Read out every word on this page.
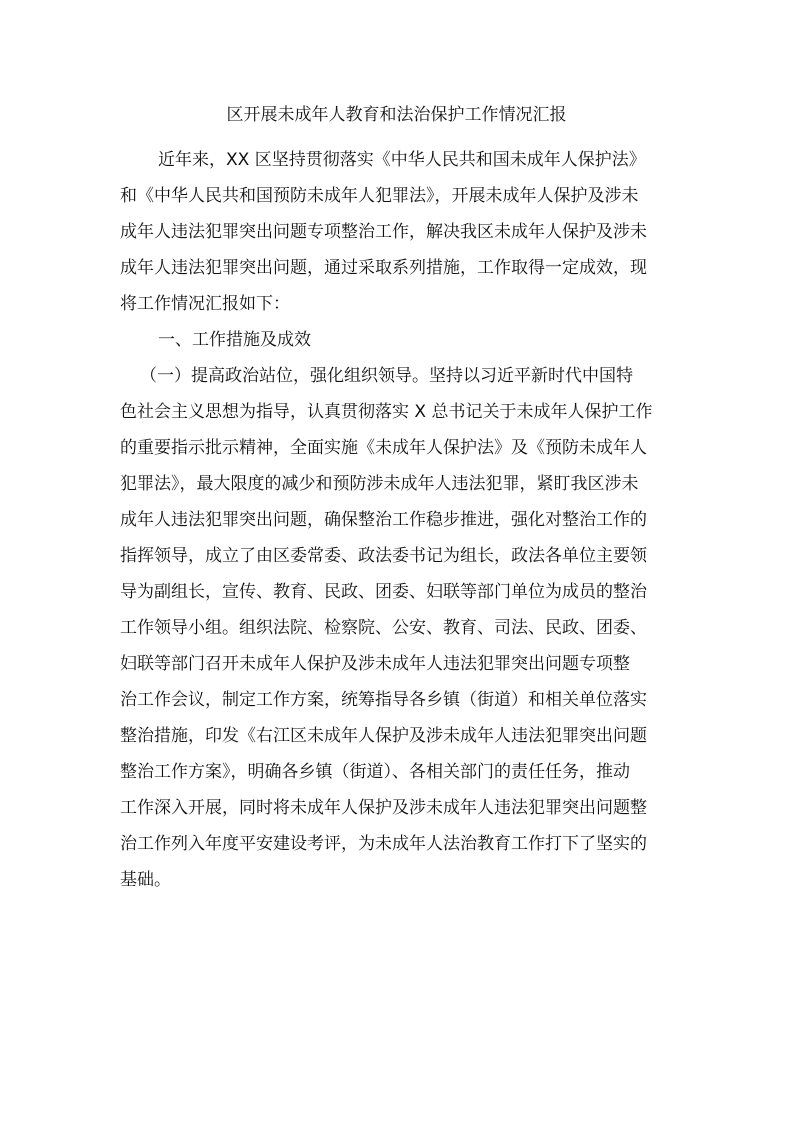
区开展未成年人教育和法治保护工作情况汇报

近年来，XX 区坚持贯彻落实《中华人民共和国未成年人保护法》

和《中华人民共和国预防未成年人犯罪法》，开展未成年人保护及涉未

成年人违法犯罪突出问题专项整治工作，解决我区未成年人保护及涉未

成年人违法犯罪突出问题，通过采取系列措施，工作取得一定成效，现

将工作情况汇报如下：

一、工作措施及成效

（一）提高政治站位，强化组织领导。坚持以习近平新时代中国特

色社会主义思想为指导，认真贯彻落实 X 总书记关于未成年人保护工作

的重要指示批示精神，全面实施《未成年人保护法》及《预防未成年人

犯罪法》，最大限度的减少和预防涉未成年人违法犯罪，紧盯我区涉未

成年人违法犯罪突出问题，确保整治工作稳步推进，强化对整治工作的

指挥领导，成立了由区委常委、政法委书记为组长，政法各单位主要领

导为副组长，宣传、教育、民政、团委、妇联等部门单位为成员的整治

工作领导小组。组织法院、检察院、公安、教育、司法、民政、团委、

妇联等部门召开未成年人保护及涉未成年人违法犯罪突出问题专项整

治工作会议，制定工作方案，统筹指导各乡镇（街道）和相关单位落实

整治措施，印发《右江区未成年人保护及涉未成年人违法犯罪突出问题

整治工作方案》，明确各乡镇（街道）、各相关部门的责任任务，推动

工作深入开展，同时将未成年人保护及涉未成年人违法犯罪突出问题整

治工作列入年度平安建设考评，为未成年人法治教育工作打下了坚实的

基础。
